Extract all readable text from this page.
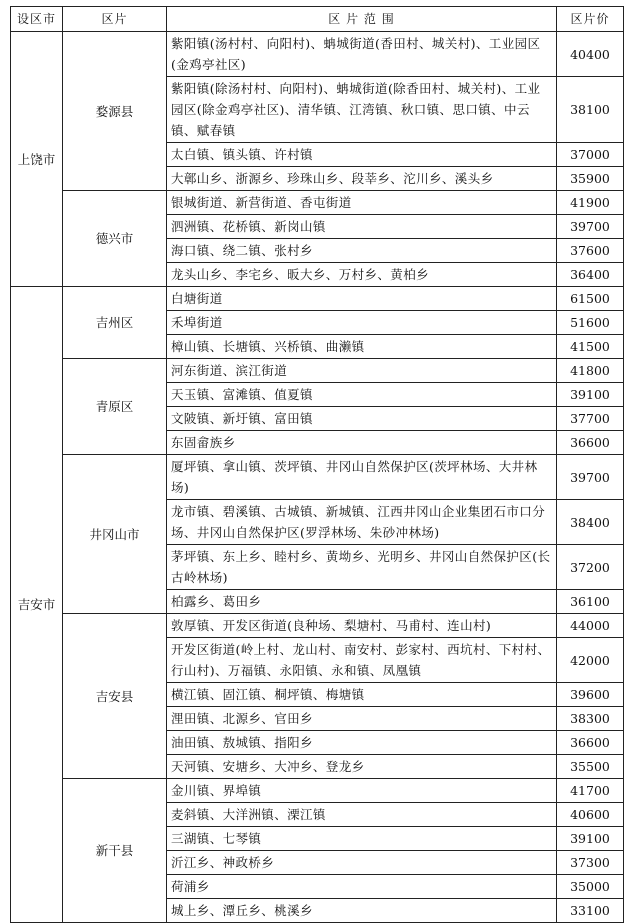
设区市	区片	区 片 范 围	区片价
上饶市	婺源县	紫阳镇(汤村村、向阳村)、蚺城街道(香田村、城关村)、工业园区(金鸡亭社区)	40400
		紫阳镇(除汤村村、向阳村)、蚺城街道(除香田村、城关村)、工业园区(除金鸡亭社区)、清华镇、江湾镇、秋口镇、思口镇、中云镇、赋春镇	38100
		太白镇、镇头镇、许村镇	37000
		大鄣山乡、浙源乡、珍珠山乡、段莘乡、沱川乡、溪头乡	35900
	德兴市	银城街道、新营街道、香屯街道	41900
		泗洲镇、花桥镇、新岗山镇	39700
		海口镇、绕二镇、张村乡	37600
		龙头山乡、李宅乡、昄大乡、万村乡、黄柏乡	36400
吉安市	吉州区	白塘街道	61500
		禾埠街道	51600
		樟山镇、长塘镇、兴桥镇、曲濑镇	41500
	青原区	河东街道、滨江街道	41800
		天玉镇、富滩镇、值夏镇	39100
		文陂镇、新圩镇、富田镇	37700
		东固畲族乡	36600
	井冈山市	厦坪镇、拿山镇、茨坪镇、井冈山自然保护区(茨坪林场、大井林场)	39700
		龙市镇、碧溪镇、古城镇、新城镇、江西井冈山企业集团石市口分场、井冈山自然保护区(罗浮林场、朱砂冲林场)	38400
		茅坪镇、东上乡、睦村乡、黄坳乡、光明乡、井冈山自然保护区(长古岭林场)	37200
		柏露乡、葛田乡	36100
	吉安县	敦厚镇、开发区街道(良种场、梨塘村、马甫村、连山村)	44000
		开发区街道(岭上村、龙山村、南安村、彭家村、西坑村、下村村、行山村)、万福镇、永阳镇、永和镇、凤凰镇	42000
		横江镇、固江镇、桐坪镇、梅塘镇	39600
		浬田镇、北源乡、官田乡	38300
		油田镇、敖城镇、指阳乡	36600
		天河镇、安塘乡、大冲乡、登龙乡	35500
	新干县	金川镇、界埠镇	41700
		麦斜镇、大洋洲镇、溧江镇	40600
		三湖镇、七琴镇	39100
		沂江乡、神政桥乡	37300
		荷浦乡	35000
		城上乡、潭丘乡、桃溪乡	33100
